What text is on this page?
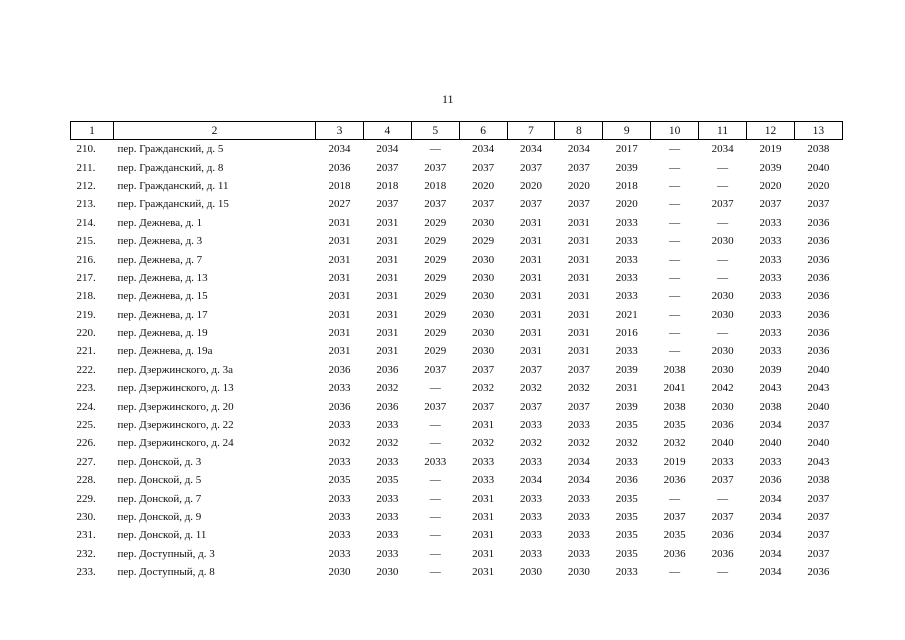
11
1	2	3	4	5	6	7	8	9	10	11	12	13
210.	пер. Гражданский, д. 5	2034	2034	—	2034	2034	2034	2017	—	2034	2019	2038
211.	пер. Гражданский, д. 8	2036	2037	2037	2037	2037	2037	2039	—	—	2039	2040
212.	пер. Гражданский, д. 11	2018	2018	2018	2020	2020	2020	2018	—	—	2020	2020
213.	пер. Гражданский, д. 15	2027	2037	2037	2037	2037	2037	2020	—	2037	2037	2037
214.	пер. Дежнева, д. 1	2031	2031	2029	2030	2031	2031	2033	—	—	2033	2036
215.	пер. Дежнева, д. 3	2031	2031	2029	2029	2031	2031	2033	—	2030	2033	2036
216.	пер. Дежнева, д. 7	2031	2031	2029	2030	2031	2031	2033	—	—	2033	2036
217.	пер. Дежнева, д. 13	2031	2031	2029	2030	2031	2031	2033	—	—	2033	2036
218.	пер. Дежнева, д. 15	2031	2031	2029	2030	2031	2031	2033	—	2030	2033	2036
219.	пер. Дежнева, д. 17	2031	2031	2029	2030	2031	2031	2021	—	2030	2033	2036
220.	пер. Дежнева, д. 19	2031	2031	2029	2030	2031	2031	2016	—	—	2033	2036
221.	пер. Дежнева, д. 19а	2031	2031	2029	2030	2031	2031	2033	—	2030	2033	2036
222.	пер. Дзержинского, д. 3а	2036	2036	2037	2037	2037	2037	2039	2038	2030	2039	2040
223.	пер. Дзержинского, д. 13	2033	2032	—	2032	2032	2032	2031	2041	2042	2043	2043
224.	пер. Дзержинского, д. 20	2036	2036	2037	2037	2037	2037	2039	2038	2030	2038	2040
225.	пер. Дзержинского, д. 22	2033	2033	—	2031	2033	2033	2035	2035	2036	2034	2037
226.	пер. Дзержинского, д. 24	2032	2032	—	2032	2032	2032	2032	2032	2040	2040	2040
227.	пер. Донской, д. 3	2033	2033	2033	2033	2033	2034	2033	2019	2033	2033	2043
228.	пер. Донской, д. 5	2035	2035	—	2033	2034	2034	2036	2036	2037	2036	2038
229.	пер. Донской, д. 7	2033	2033	—	2031	2033	2033	2035	—	—	2034	2037
230.	пер. Донской, д. 9	2033	2033	—	2031	2033	2033	2035	2037	2037	2034	2037
231.	пер. Донской, д. 11	2033	2033	—	2031	2033	2033	2035	2035	2036	2034	2037
232.	пер. Доступный, д. 3	2033	2033	—	2031	2033	2033	2035	2036	2036	2034	2037
233.	пер. Доступный, д. 8	2030	2030	—	2031	2030	2030	2033	—	—	2034	2036
